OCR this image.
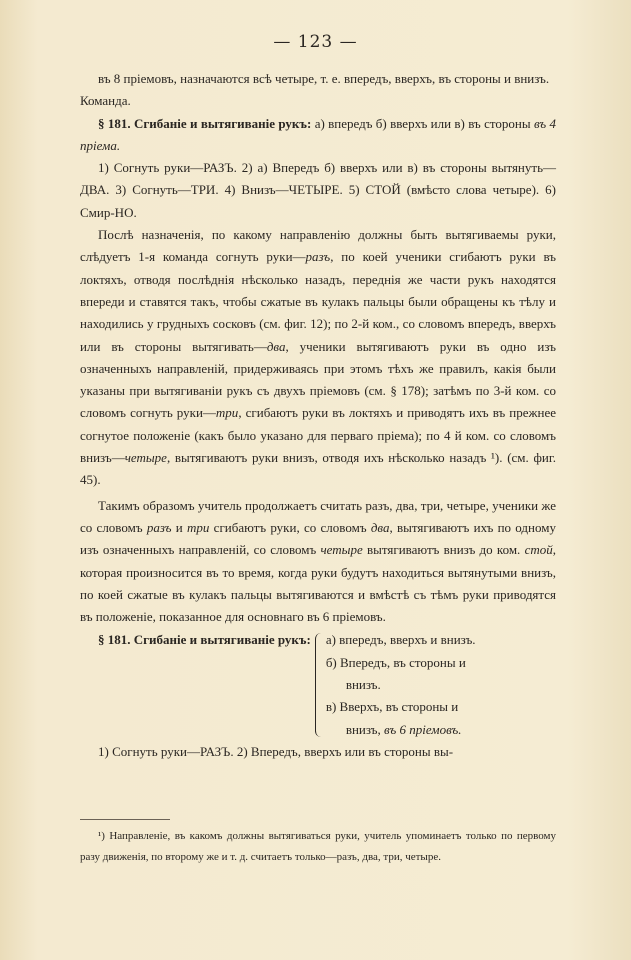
— 123 —

въ 8 пріемовъ, назначаются всѣ четыре, т. е. впередъ, вверхъ, въ стороны и внизъ.

Команда.

§ 181. Сгибаніе и вытягиваніе рукъ: а) впередъ б) вверхъ или в) въ стороны въ 4 пріема.

1) Согнуть руки—РАЗЪ. 2) а) Впередъ б) вверхъ или в) въ стороны вытянуть—ДВА. 3) Согнуть—ТРИ. 4) Внизъ—ЧЕТЫРЕ. 5) СТОЙ (вмѣсто слова четыре). 6) Смир-НО.

Послѣ назначенія, по какому направленію должны быть вытягиваемы руки, слѣдуетъ 1-я команда согнуть руки—разъ, по коей ученики сгибаютъ руки въ локтяхъ, отводя послѣднія нѣсколько назадъ, переднія же части рукъ находятся впереди и ставятся такъ, чтобы сжатые въ кулакъ пальцы были обращены къ тѣлу и находились у грудныхъ сосковъ (см. фиг. 12); по 2-й ком., со словомъ впередъ, вверхъ или въ стороны вытягивать—два, ученики вытягиваютъ руки въ одно изъ означенныхъ направленій, придерживаясь при этомъ тѣхъ же правилъ, какія были указаны при вытягиваніи рукъ съ двухъ пріемовъ (см. § 178); затѣмъ по 3-й ком. со словомъ согнуть руки—три, сгибаютъ руки въ локтяхъ и приводятъ ихъ въ прежнее согнутое положеніе (какъ было указано для перваго пріема); по 4 й ком. со словомъ внизъ—четыре, вытягиваютъ руки внизъ, отводя ихъ нѣсколько назадъ ¹). (см. фиг. 45).

Такимъ образомъ учитель продолжаетъ считать разъ, два, три, четыре, ученики же со словомъ разъ и три сгибаютъ руки, со словомъ два, вытягиваютъ ихъ по одному изъ означенныхъ направленій, со словомъ четыре вытягиваютъ внизъ до ком. стой, которая произносится въ то время, когда руки будутъ находиться вытянутыми внизъ, по коей сжатые въ кулакъ пальцы вытягиваются и вмѣстѣ съ тѣмъ руки приводятся въ положеніе, показанное для основнаго въ 6 пріемовъ.

§ 181. Сгибаніе и вытягиваніе рукъ: а) впередъ, вверхъ и внизъ.
б) Впередъ, въ стороны и
внизъ.
в) Вверхъ, въ стороны и
внизъ, въ 6 пріемовъ.

1) Согнуть руки—РАЗЪ. 2) Впередъ, вверхъ или въ стороны вы-

¹) Направленіе, въ какомъ должны вытягиваться руки, учитель упоминаетъ только по первому разу движенія, по второму же и т. д. считаетъ только—разъ, два, три, четыре.
